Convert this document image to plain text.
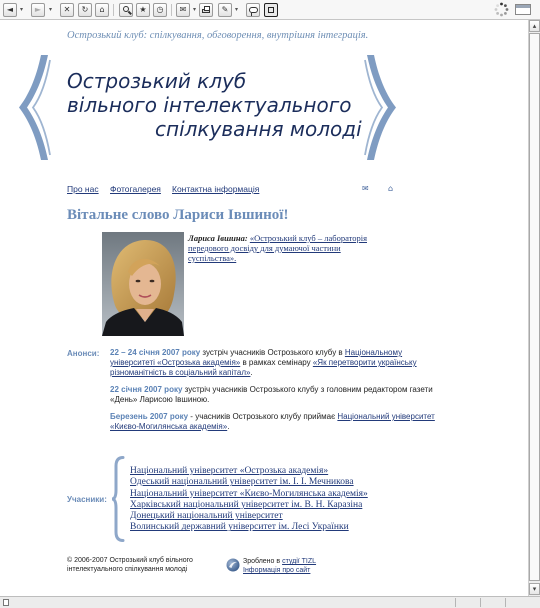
◄	▾	►	▾	✕	↻	⌂	★	◷	✉	▾	✎	▾
Острозький клуб: спілкування, обговорення, внутрішня інтеграція.
Острозький клуб
вільного інтелектуального
спілкування молоді
Про нас Фотогалерея Контактна інформація	✉ ⌂
Вітальне слово Лариси Івшиної!
Лариса Івшина: «Острозький клуб – лабораторія передового досвіду для думаючої частини суспільства».
Анонси: 22 – 24 січня 2007 року зустріч учасників Острозького клубу в Національному університеті «Острозька академія» в рамках семінару «Як перетворити українську різноманітність в соціальний капітал».
22 січня 2007 року зустріч учасників Острозького клубу з головним редактором газети «День» Ларисою Івшиною.
Березень 2007 року - учасників Острозького клубу приймає Національний університет «Києво-Могилянська академія».
Учасники:
Національний університет «Острозька академія»
Одеський національний університет ім. І. І. Мечникова
Національний університет «Києво-Могилянська академія»
Харківський національний університет ім. В. Н. Каразіна
Донецький національний університет
Волинський державний університет ім. Лесі Українки
© 2006-2007 Острозький клуб вільного інтелектуального спілкування молоді
Зроблено в студії TIZL
Інформація про сайт
▴
▾
